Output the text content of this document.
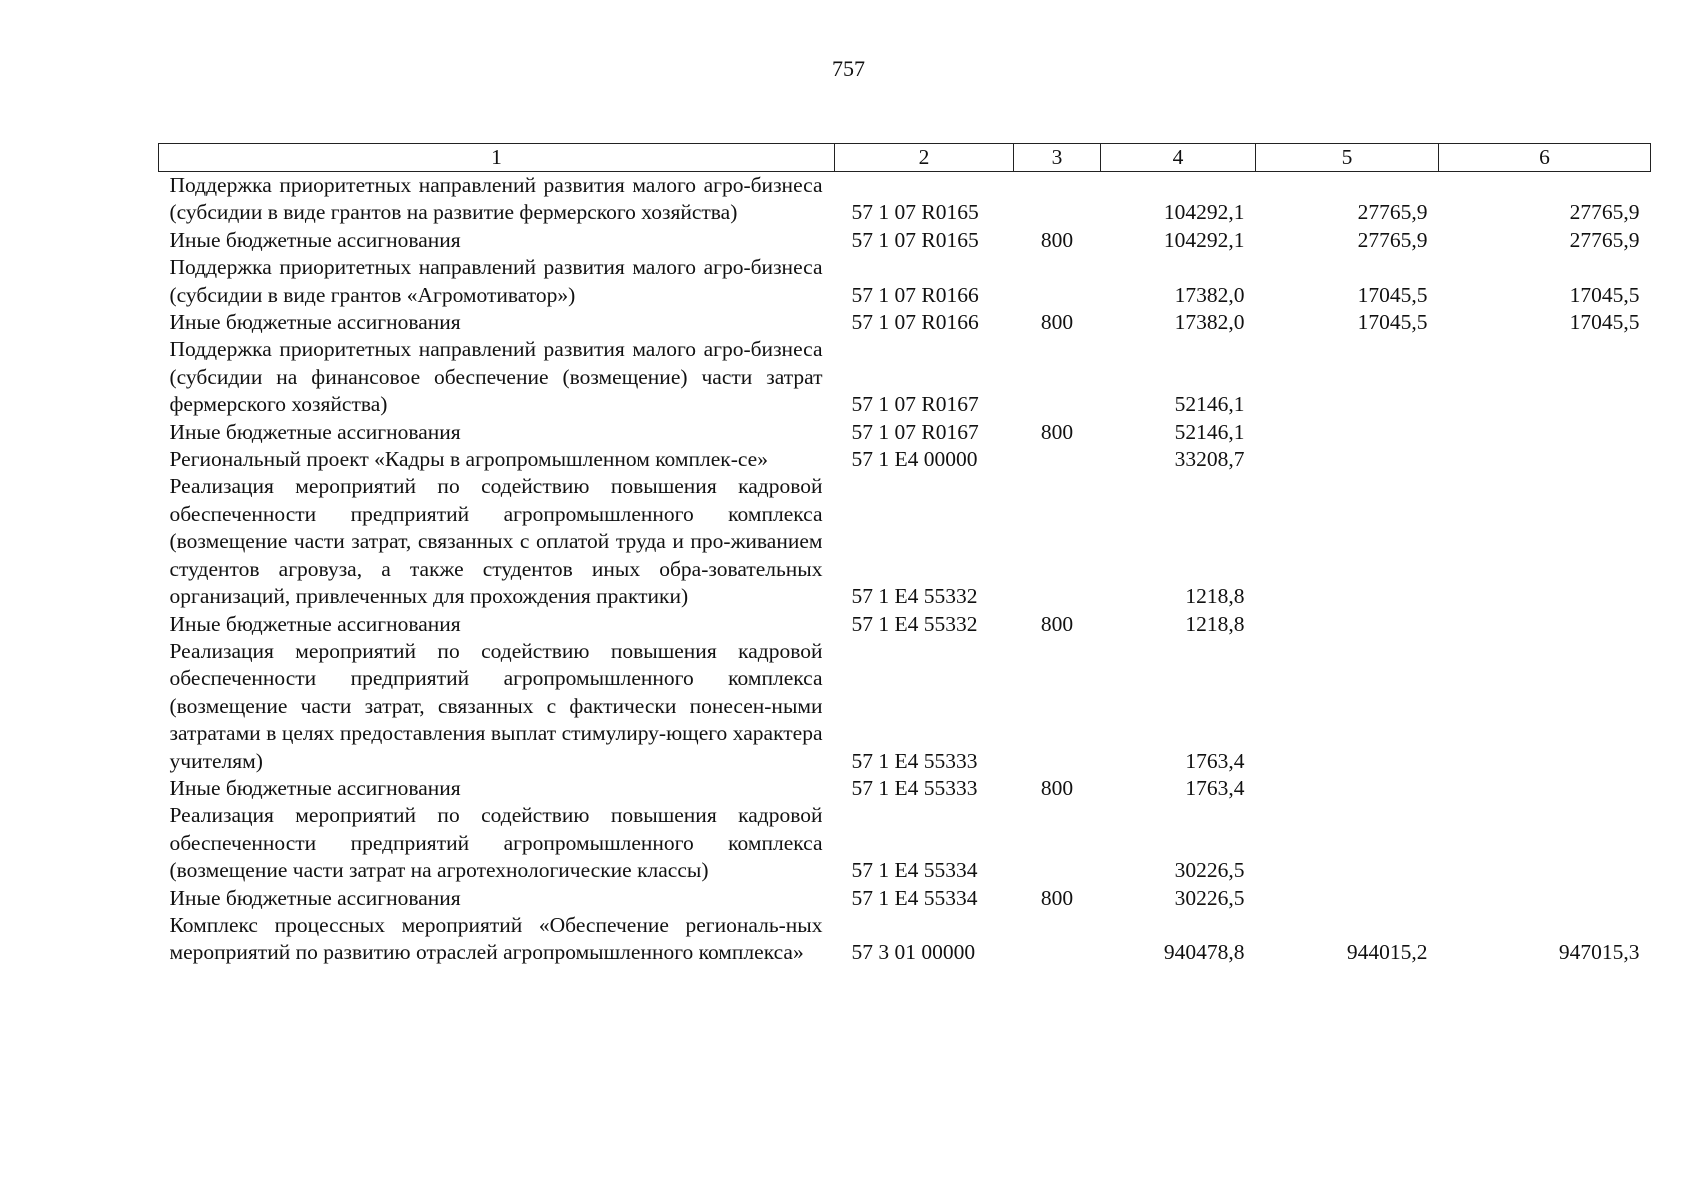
757
1	2	3	4	5	6
Поддержка приоритетных направлений развития малого агро-бизнеса (субсидии в виде грантов на развитие фермерского хозяйства)	57 1 07 R0165		104292,1	27765,9	27765,9
Иные бюджетные ассигнования	57 1 07 R0165	800	104292,1	27765,9	27765,9
Поддержка приоритетных направлений развития малого агро-бизнеса (субсидии в виде грантов «Агромотиватор»)	57 1 07 R0166		17382,0	17045,5	17045,5
Иные бюджетные ассигнования	57 1 07 R0166	800	17382,0	17045,5	17045,5
Поддержка приоритетных направлений развития малого агро-бизнеса (субсидии на финансовое обеспечение (возмещение) части затрат фермерского хозяйства)	57 1 07 R0167		52146,1		
Иные бюджетные ассигнования	57 1 07 R0167	800	52146,1		
Региональный проект «Кадры в агропромышленном комплек-се»	57 1 Е4 00000		33208,7		
Реализация мероприятий по содействию повышения кадровой обеспеченности предприятий агропромышленного комплекса (возмещение части затрат, связанных с оплатой труда и про-живанием студентов агровуза, а также студентов иных обра-зовательных организаций, привлеченных для прохождения практики)	57 1 Е4 55332		1218,8		
Иные бюджетные ассигнования	57 1 Е4 55332	800	1218,8		
Реализация мероприятий по содействию повышения кадровой обеспеченности предприятий агропромышленного комплекса (возмещение части затрат, связанных с фактически понесен-ными затратами в целях предоставления выплат стимулиру-ющего характера учителям)	57 1 Е4 55333		1763,4		
Иные бюджетные ассигнования	57 1 Е4 55333	800	1763,4		
Реализация мероприятий по содействию повышения кадровой обеспеченности предприятий агропромышленного комплекса (возмещение части затрат на агротехнологические классы)	57 1 Е4 55334		30226,5		
Иные бюджетные ассигнования	57 1 Е4 55334	800	30226,5		
Комплекс процессных мероприятий «Обеспечение региональ-ных мероприятий по развитию отраслей агропромышленного комплекса»	57 3 01 00000		940478,8	944015,2	947015,3
